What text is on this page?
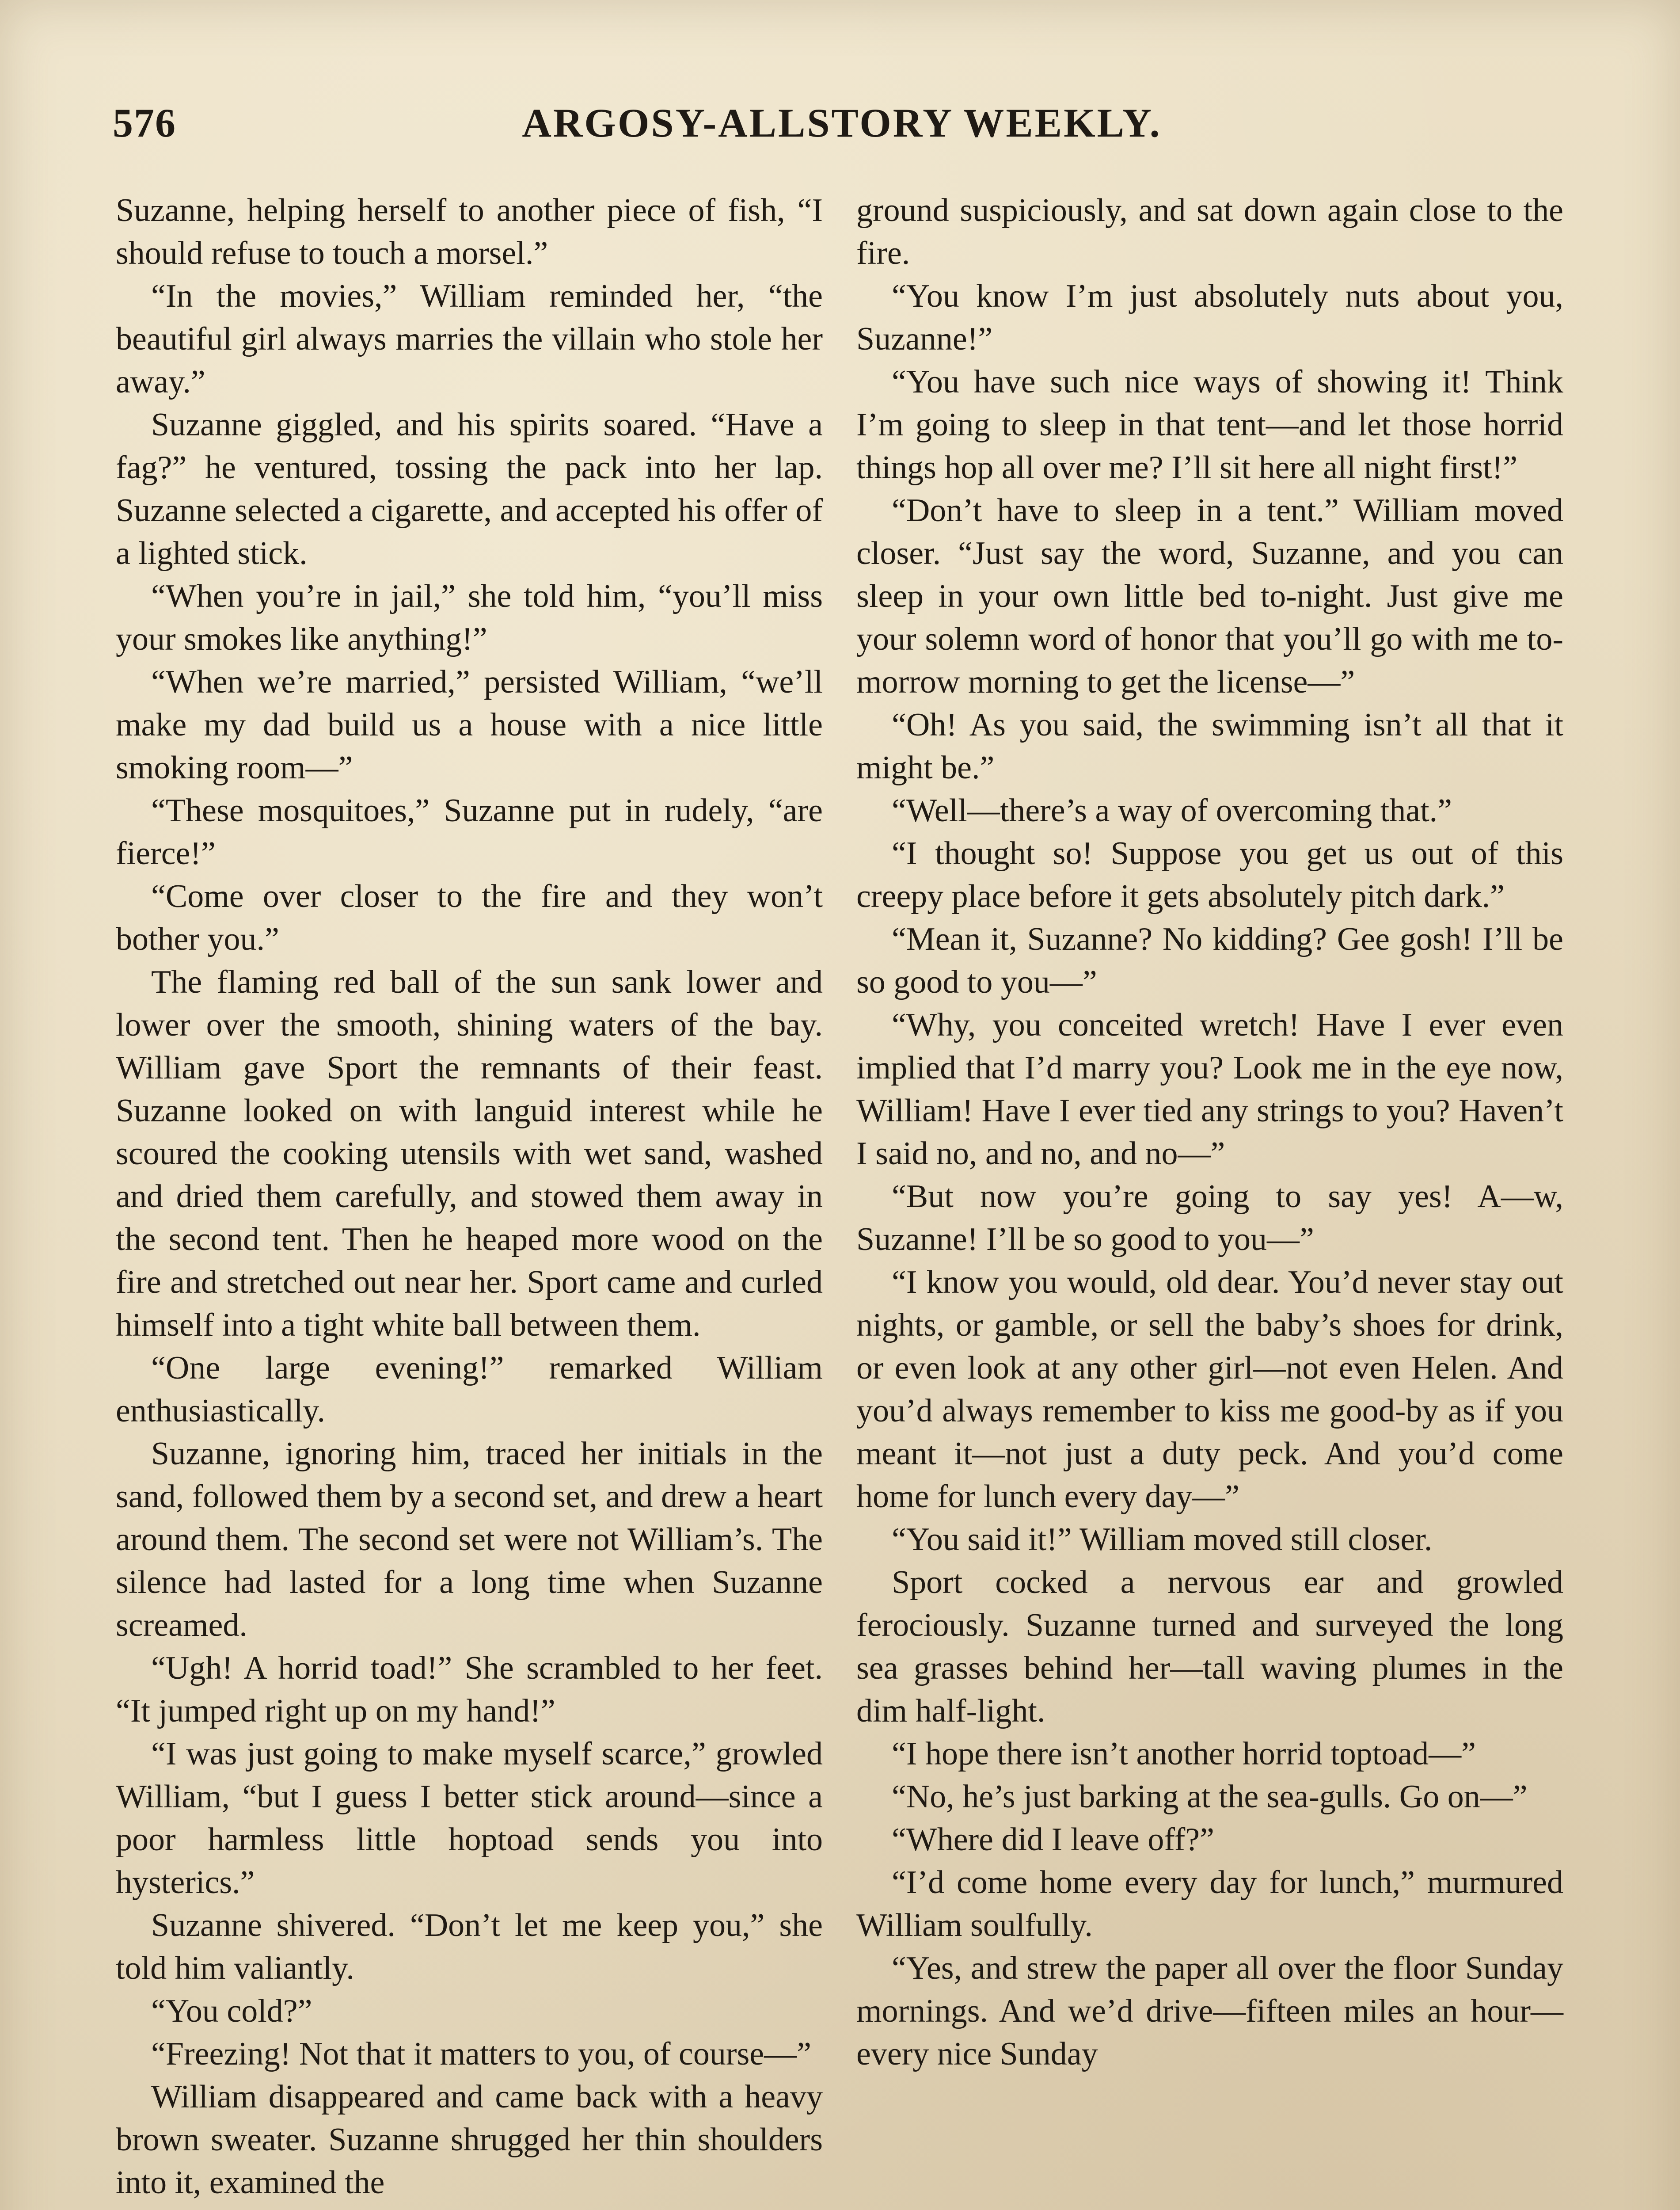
576	ARGOSY-ALLSTORY WEEKLY.

Suzanne, helping herself to another piece of fish, “I should refuse to touch a morsel.”

“In the movies,” William reminded her, “the beautiful girl always marries the villain who stole her away.”

Suzanne giggled, and his spirits soared. “Have a fag?” he ventured, tossing the pack into her lap. Suzanne selected a cigarette, and accepted his offer of a lighted stick.

“When you’re in jail,” she told him, “you’ll miss your smokes like anything!”

“When we’re married,” persisted William, “we’ll make my dad build us a house with a nice little smoking room—”

“These mosquitoes,” Suzanne put in rudely, “are fierce!”

“Come over closer to the fire and they won’t bother you.”

The flaming red ball of the sun sank lower and lower over the smooth, shining waters of the bay. William gave Sport the remnants of their feast. Suzanne looked on with languid interest while he scoured the cooking utensils with wet sand, washed and dried them carefully, and stowed them away in the second tent. Then he heaped more wood on the fire and stretched out near her. Sport came and curled himself into a tight white ball between them.

“One large evening!” remarked William enthusiastically.

Suzanne, ignoring him, traced her initials in the sand, followed them by a second set, and drew a heart around them. The second set were not William’s. The silence had lasted for a long time when Suzanne screamed.

“Ugh! A horrid toad!” She scrambled to her feet. “It jumped right up on my hand!”

“I was just going to make myself scarce,” growled William, “but I guess I better stick around—since a poor harmless little hoptoad sends you into hysterics.”

Suzanne shivered. “Don’t let me keep you,” she told him valiantly.

“You cold?”

“Freezing! Not that it matters to you, of course—”

William disappeared and came back with a heavy brown sweater. Suzanne shrugged her thin shoulders into it, examined the

ground suspiciously, and sat down again close to the fire.

“You know I’m just absolutely nuts about you, Suzanne!”

“You have such nice ways of showing it! Think I’m going to sleep in that tent—and let those horrid things hop all over me? I’ll sit here all night first!”

“Don’t have to sleep in a tent.” William moved closer. “Just say the word, Suzanne, and you can sleep in your own little bed to-night. Just give me your solemn word of honor that you’ll go with me to-morrow morning to get the license—”

“Oh! As you said, the swimming isn’t all that it might be.”

“Well—there’s a way of overcoming that.”

“I thought so! Suppose you get us out of this creepy place before it gets absolutely pitch dark.”

“Mean it, Suzanne? No kidding? Gee gosh! I’ll be so good to you—”

“Why, you conceited wretch! Have I ever even implied that I’d marry you? Look me in the eye now, William! Have I ever tied any strings to you? Haven’t I said no, and no, and no—”

“But now you’re going to say yes! A—w, Suzanne! I’ll be so good to you—”

“I know you would, old dear. You’d never stay out nights, or gamble, or sell the baby’s shoes for drink, or even look at any other girl—not even Helen. And you’d always remember to kiss me good-by as if you meant it—not just a duty peck. And you’d come home for lunch every day—”

“You said it!” William moved still closer.

Sport cocked a nervous ear and growled ferociously. Suzanne turned and surveyed the long sea grasses behind her—tall waving plumes in the dim half-light.

“I hope there isn’t another horrid toptoad—”

“No, he’s just barking at the sea-gulls. Go on—”

“Where did I leave off?”

“I’d come home every day for lunch,” murmured William soulfully.

“Yes, and strew the paper all over the floor Sunday mornings. And we’d drive—fifteen miles an hour—every nice Sunday
